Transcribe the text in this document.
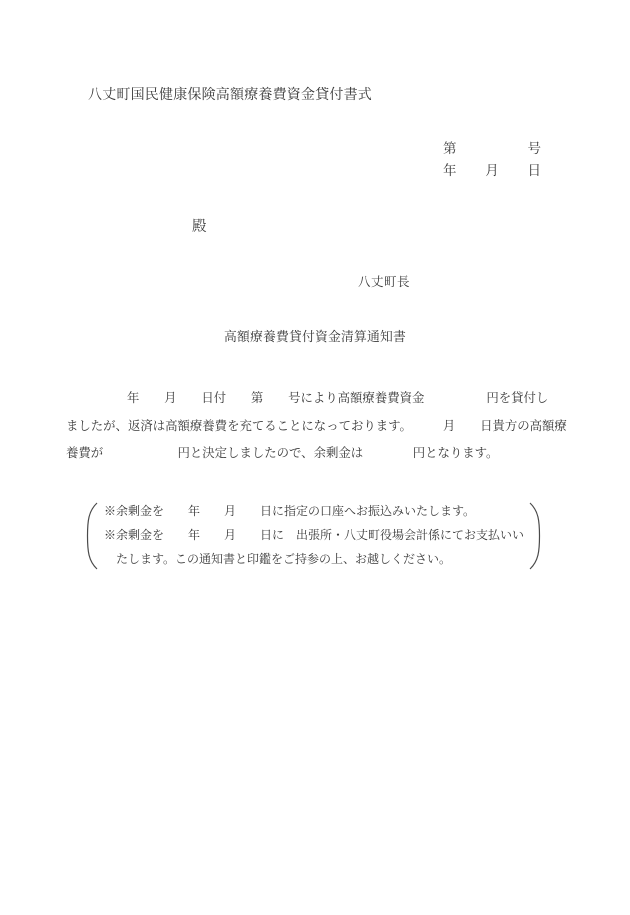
八丈町国民健康保険高額療養費資金貸付書式
第	号
年 月 日
殿
八丈町長
高額療養費貸付資金清算通知書
年　　月　　日付　　第　　号により高額療養費資金　　　　　円を貸付し
ましたが、返済は高額療養費を充てることになっております。　　　月　　日貴方の高額療
養費が　　　　　　円と決定しましたので、余剰金は　　　　円となります。
※余剰金を　　年　　月　　日に指定の口座へお振込みいたします。
※余剰金を　　年　　月　　日に　出張所・八丈町役場会計係にてお支払いい
たします。この通知書と印鑑をご持参の上、お越しください。
